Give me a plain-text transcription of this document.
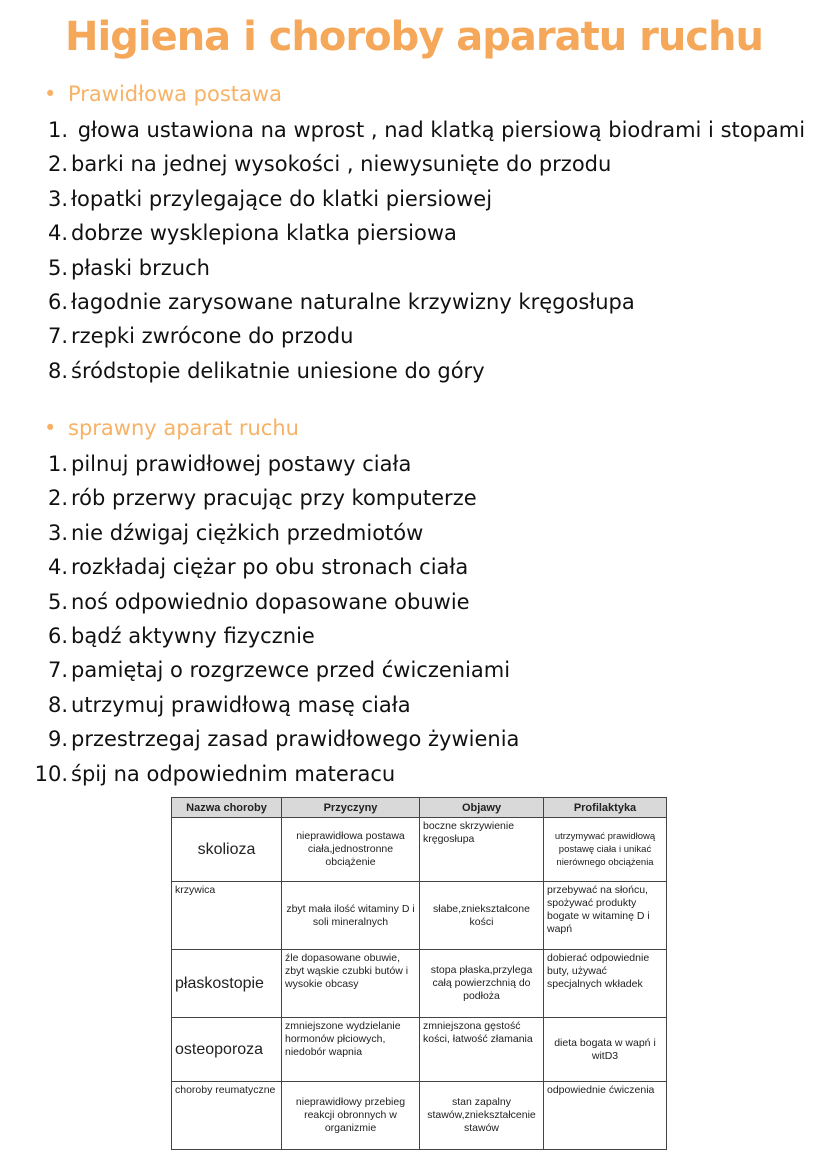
Higiena i choroby aparatu ruchu
• Prawidłowa postawa
1. głowa ustawiona na wprost , nad klatką piersiową biodrami i stopami
2. barki na jednej wysokości , niewysunięte do przodu
3. łopatki przylegające do klatki piersiowej
4. dobrze wysklepiona klatka piersiowa
5. płaski brzuch
6. łagodnie zarysowane naturalne krzywizny kręgosłupa
7. rzepki zwrócone do przodu
8. śródstopie delikatnie uniesione do góry
• sprawny aparat ruchu
1. pilnuj prawidłowej postawy ciała
2. rób przerwy pracując przy komputerze
3. nie dźwigaj ciężkich przedmiotów
4. rozkładaj ciężar po obu stronach ciała
5. noś odpowiednio dopasowane obuwie
6. bądź aktywny fizycznie
7. pamiętaj o rozgrzewce przed ćwiczeniami
8. utrzymuj prawidłową masę ciała
9. przestrzegaj zasad prawidłowego żywienia
10. śpij na odpowiednim materacu
Nazwa choroby	Przyczyny	Objawy	Profilaktyka
skolioza	nieprawidłowa postawa ciała,jednostronne obciążenie	boczne skrzywienie kręgosłupa	utrzymywać prawidłową postawę ciała i unikać nierównego obciążenia
krzywica	zbyt mała ilość witaminy D i soli mineralnych	słabe,zniekształcone kości	przebywać na słońcu, spożywać produkty bogate w witaminę D i wapń
płaskostopie	źle dopasowane obuwie, zbyt wąskie czubki butów i wysokie obcasy	stopa płaska,przylega całą powierzchnią do podłoża	dobierać odpowiednie buty, używać specjalnych wkładek
osteoporoza	zmniejszone wydzielanie hormonów płciowych, niedobór wapnia	zmniejszona gęstość kości, łatwość złamania	dieta bogata w wapń i witD3
choroby reumatyczne	nieprawidłowy przebieg reakcji obronnych w organizmie	stan zapalny stawów,zniekształcenie stawów	odpowiednie ćwiczenia
